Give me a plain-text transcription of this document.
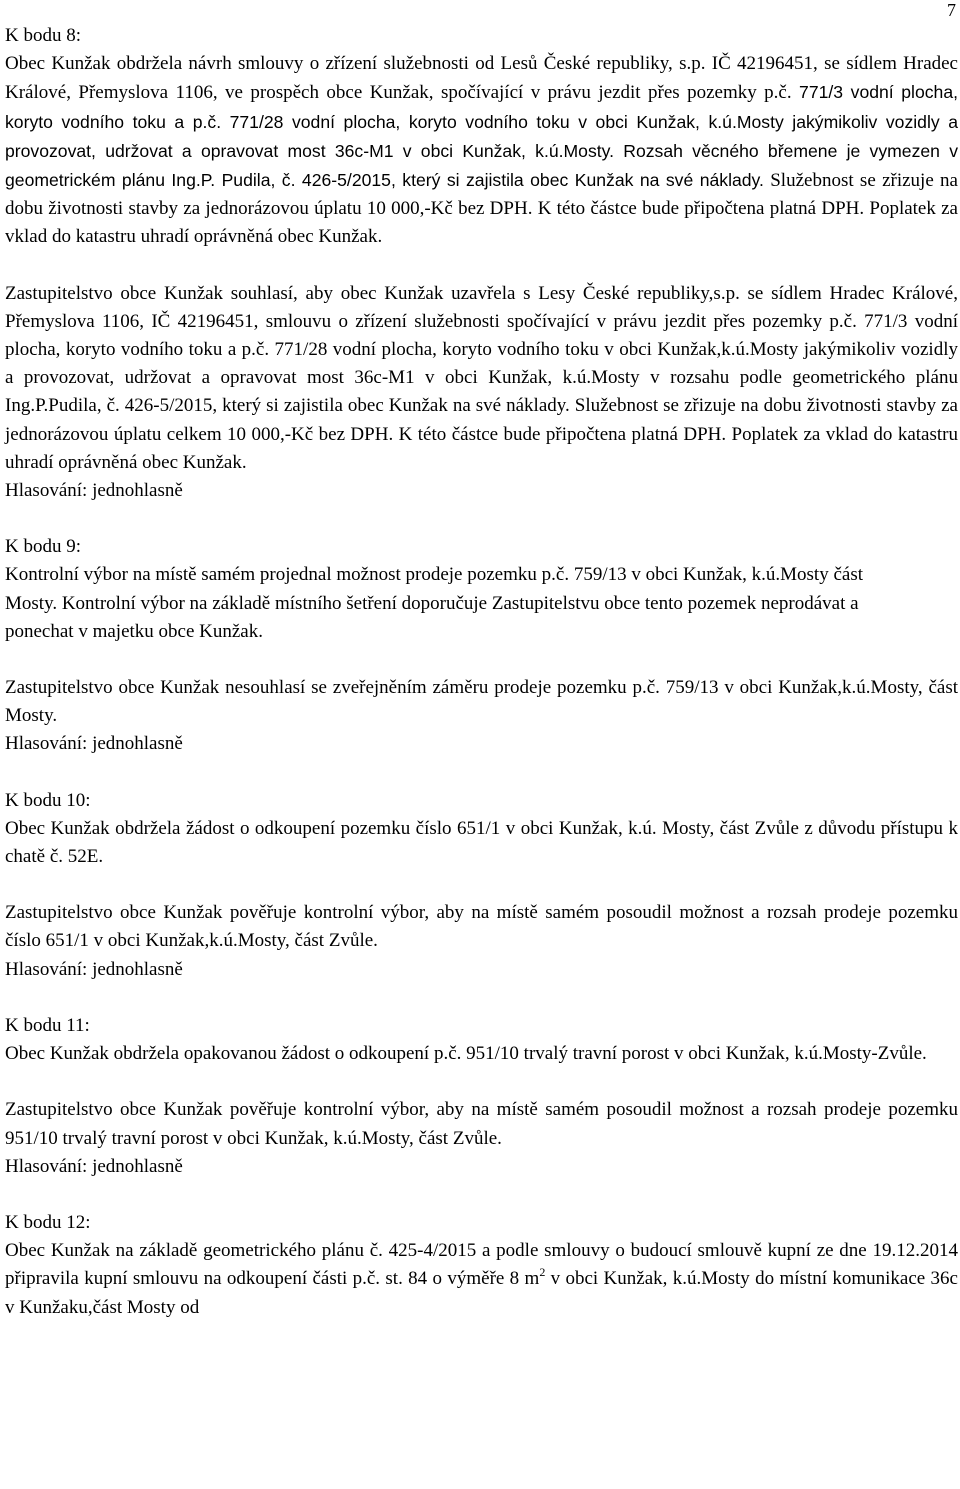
7

K bodu 8:

Obec Kunžak obdržela návrh smlouvy o zřízení služebnosti od Lesů České republiky, s.p. IČ 42196451, se sídlem Hradec Králové, Přemyslova 1106, ve prospěch obce Kunžak, spočívající v právu jezdit přes pozemky p.č. 771/3 vodní plocha, koryto vodního toku a p.č. 771/28 vodní plocha, koryto vodního toku v obci Kunžak, k.ú.Mosty jakýmikoliv vozidly a provozovat, udržovat a opravovat most 36c-M1 v obci Kunžak, k.ú.Mosty. Rozsah věcného břemene je vymezen v geometrickém plánu Ing.P. Pudila, č. 426-5/2015, který si zajistila obec Kunžak na své náklady. Služebnost se zřizuje na dobu životnosti stavby za jednorázovou úplatu 10 000,-Kč bez DPH. K této částce bude připočtena platná DPH. Poplatek za vklad do katastru uhradí oprávněná obec Kunžak.

Zastupitelstvo obce Kunžak souhlasí, aby obec Kunžak uzavřela s Lesy České republiky,s.p. se sídlem Hradec Králové, Přemyslova 1106, IČ 42196451, smlouvu o zřízení služebnosti spočívající v právu jezdit přes pozemky p.č. 771/3 vodní plocha, koryto vodního toku a p.č. 771/28 vodní plocha, koryto vodního toku v obci Kunžak,k.ú.Mosty jakýmikoliv vozidly a provozovat, udržovat a opravovat most 36c-M1 v obci Kunžak, k.ú.Mosty v rozsahu podle geometrického plánu Ing.P.Pudila, č. 426-5/2015, který si zajistila obec Kunžak na své náklady. Služebnost se zřizuje na dobu životnosti stavby za jednorázovou úplatu celkem 10 000,-Kč bez DPH. K této částce bude připočtena platná DPH. Poplatek za vklad do katastru uhradí oprávněná obec Kunžak.

Hlasování: jednohlasně

K bodu 9:

Kontrolní výbor na místě samém projednal možnost prodeje pozemku p.č. 759/13 v obci Kunžak, k.ú.Mosty část Mosty. Kontrolní výbor na základě místního šetření doporučuje Zastupitelstvu obce tento pozemek neprodávat a ponechat v majetku obce Kunžak.

Zastupitelstvo obce Kunžak nesouhlasí se zveřejněním záměru prodeje pozemku p.č. 759/13 v obci Kunžak,k.ú.Mosty, část Mosty.

Hlasování: jednohlasně

K bodu 10:

Obec Kunžak obdržela žádost o odkoupení pozemku číslo 651/1 v obci Kunžak, k.ú. Mosty, část Zvůle z důvodu přístupu k chatě č. 52E.

Zastupitelstvo obce Kunžak pověřuje kontrolní výbor, aby na místě samém posoudil možnost a rozsah prodeje pozemku číslo 651/1 v obci Kunžak,k.ú.Mosty, část Zvůle.

Hlasování: jednohlasně

K bodu 11:

Obec Kunžak obdržela opakovanou žádost o odkoupení p.č. 951/10 trvalý travní porost v obci Kunžak, k.ú.Mosty-Zvůle.

Zastupitelstvo obce Kunžak pověřuje kontrolní výbor, aby na místě samém posoudil možnost a rozsah prodeje pozemku 951/10 trvalý travní porost v obci Kunžak, k.ú.Mosty, část Zvůle.

Hlasování: jednohlasně

K bodu 12:

Obec Kunžak na základě geometrického plánu č. 425-4/2015 a podle smlouvy o budoucí smlouvě kupní ze dne 19.12.2014 připravila kupní smlouvu na odkoupení části p.č. st. 84 o výměře 8 $m^2$ v obci Kunžak, k.ú.Mosty do místní komunikace 36c v Kunžaku,část Mosty od
